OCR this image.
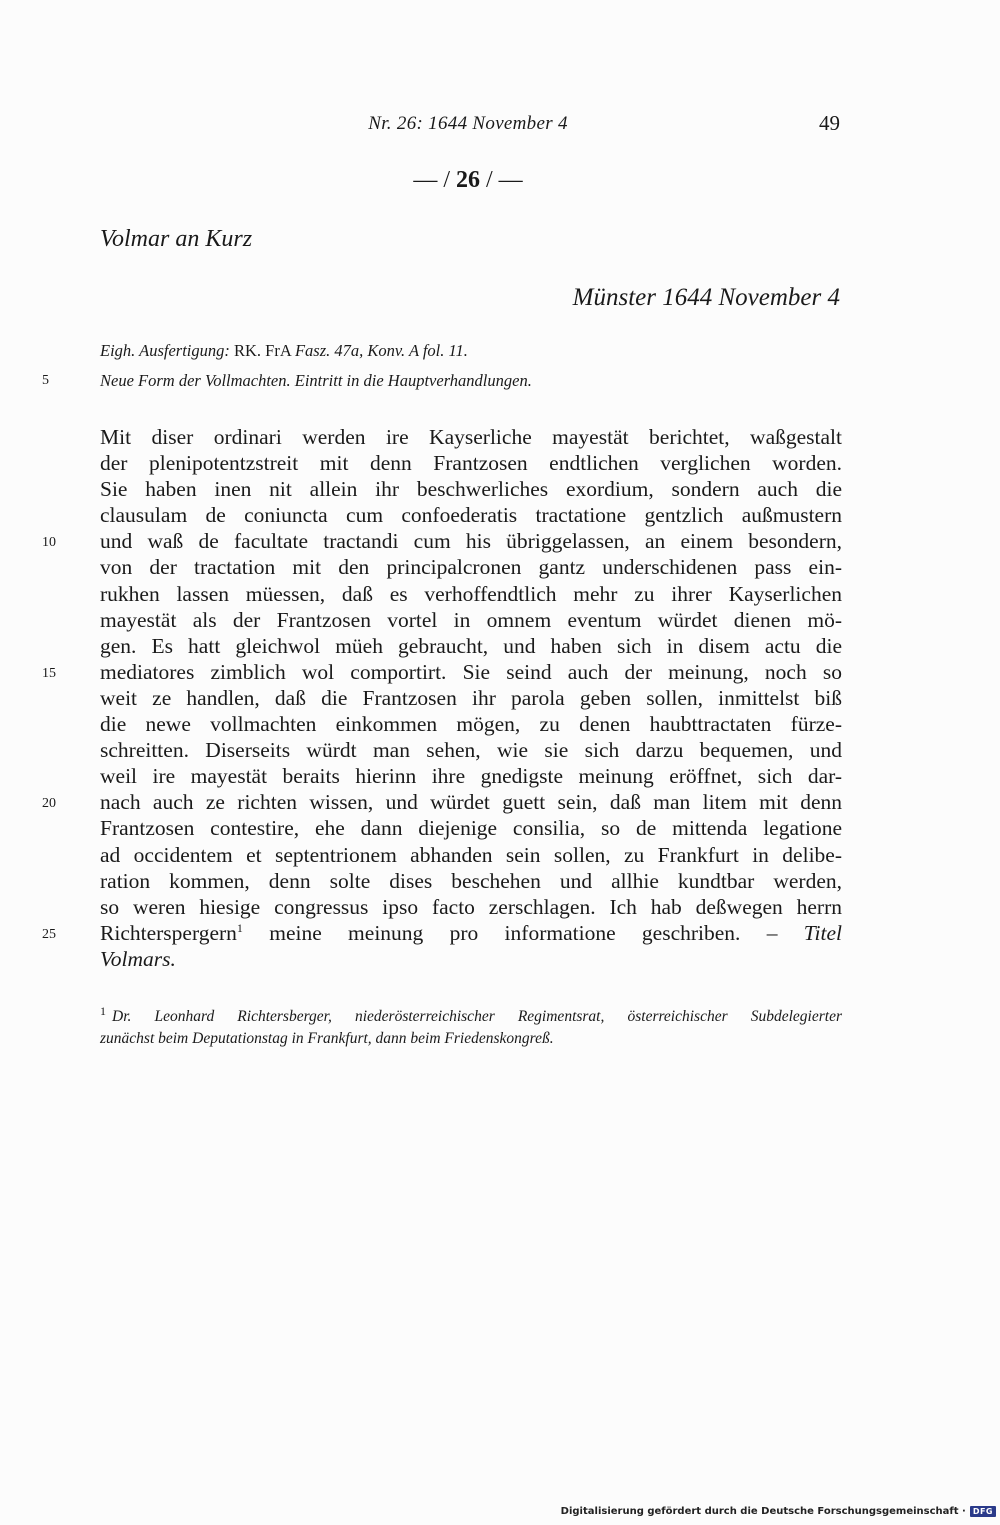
Nr. 26: 1644 November 4	49
— / 26 / —
Volmar an Kurz
Münster 1644 November 4
Eigh. Ausfertigung: RK. FrA Fasz. 47a, Konv. A fol. 11.
5	Neue Form der Vollmachten. Eintritt in die Hauptverhandlungen.
Mit diser ordinari werden ire Kayserliche mayestät berichtet, waßgestalt
der plenipotentzstreit mit denn Frantzosen endtlichen verglichen worden.
Sie haben inen nit allein ihr beschwerliches exordium, sondern auch die
clausulam de coniuncta cum confoederatis tractatione gentzlich außmustern
und waß de facultate tractandi cum his übriggelassen, an einem besondern,
von der tractation mit den principalcronen gantz underschidenen pass ein-
rukhen lassen müessen, daß es verhoffendtlich mehr zu ihrer Kayserlichen
mayestät als der Frantzosen vortel in omnem eventum würdet dienen mö-
gen. Es hatt gleichwol müeh gebraucht, und haben sich in disem actu die
mediatores zimblich wol comportirt. Sie seind auch der meinung, noch so
weit ze handlen, daß die Frantzosen ihr parola geben sollen, inmittelst biß
die newe vollmachten einkommen mögen, zu denen haubttractaten fürze-
schreitten. Diserseits würdt man sehen, wie sie sich darzu bequemen, und
weil ire mayestät beraits hierinn ihre gnedigste meinung eröffnet, sich dar-
nach auch ze richten wissen, und würdet guett sein, daß man litem mit denn
Frantzosen contestire, ehe dann diejenige consilia, so de mittenda legatione
ad occidentem et septentrionem abhanden sein sollen, zu Frankfurt in delibe-
ration kommen, denn solte dises beschehen und allhie kundtbar werden,
so weren hiesige congressus ipso facto zerschlagen. Ich hab deßwegen herrn
Richterspergern$^1$ meine meinung pro informatione geschriben. – Titel
Volmars.
10
15
20
25
$^1$ Dr. Leonhard Richtersberger, niederösterreichischer Regimentsrat, österreichischer Subdelegierter
zunächst beim Deputationstag in Frankfurt, dann beim Friedenskongreß.
Digitalisierung gefördert durch die Deutsche Forschungsgemeinschaft · DFG
